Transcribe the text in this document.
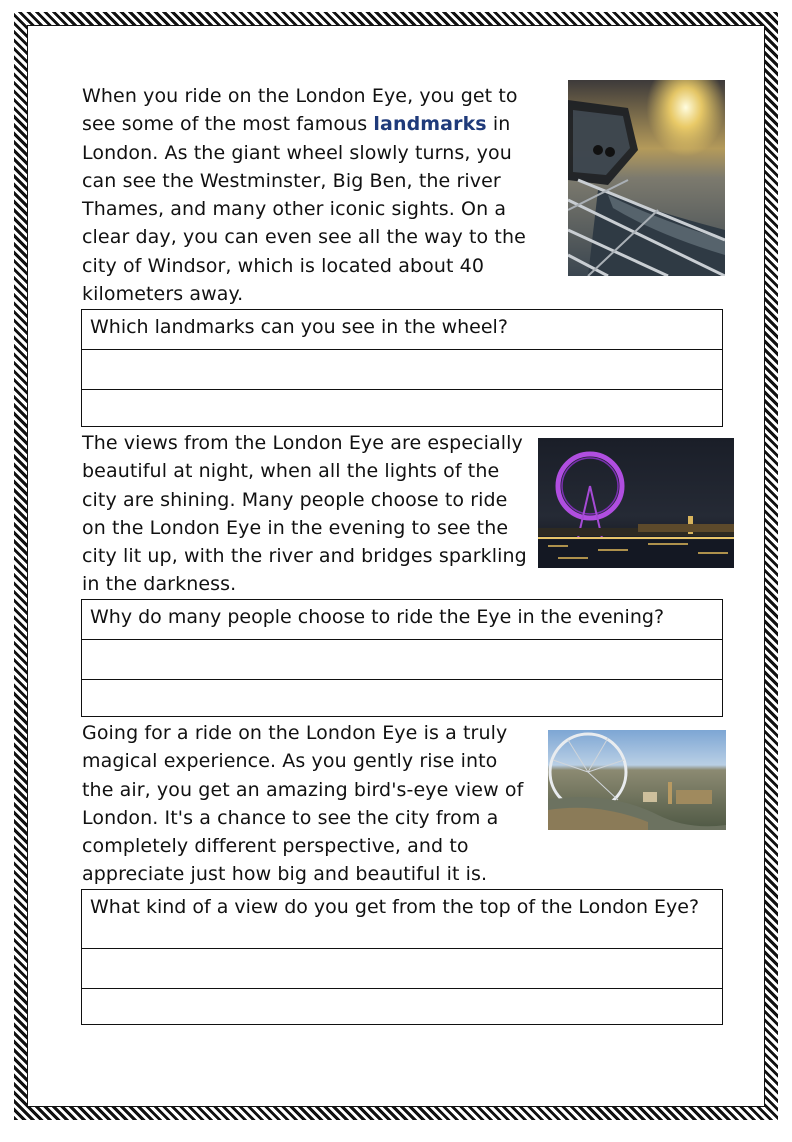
When you ride on the London Eye, you get to see some of the most famous landmarks in London. As the giant wheel slowly turns, you can see the Westminster, Big Ben, the river Thames, and many other iconic sights. On a clear day, you can even see all the way to the city of Windsor, which is located about 40 kilometers away.
Which landmarks can you see in the wheel?
The views from the London Eye are especially beautiful at night, when all the lights of the city are shining. Many people choose to ride on the London Eye in the evening to see the city lit up, with the river and bridges sparkling in the darkness.
Why do many people choose to ride the Eye in the evening?
Going for a ride on the London Eye is a truly magical experience. As you gently rise into the air, you get an amazing bird's-eye view of London. It's a chance to see the city from a completely different perspective, and to appreciate just how big and beautiful it is.
What kind of a view do you get from the top of the London Eye?
